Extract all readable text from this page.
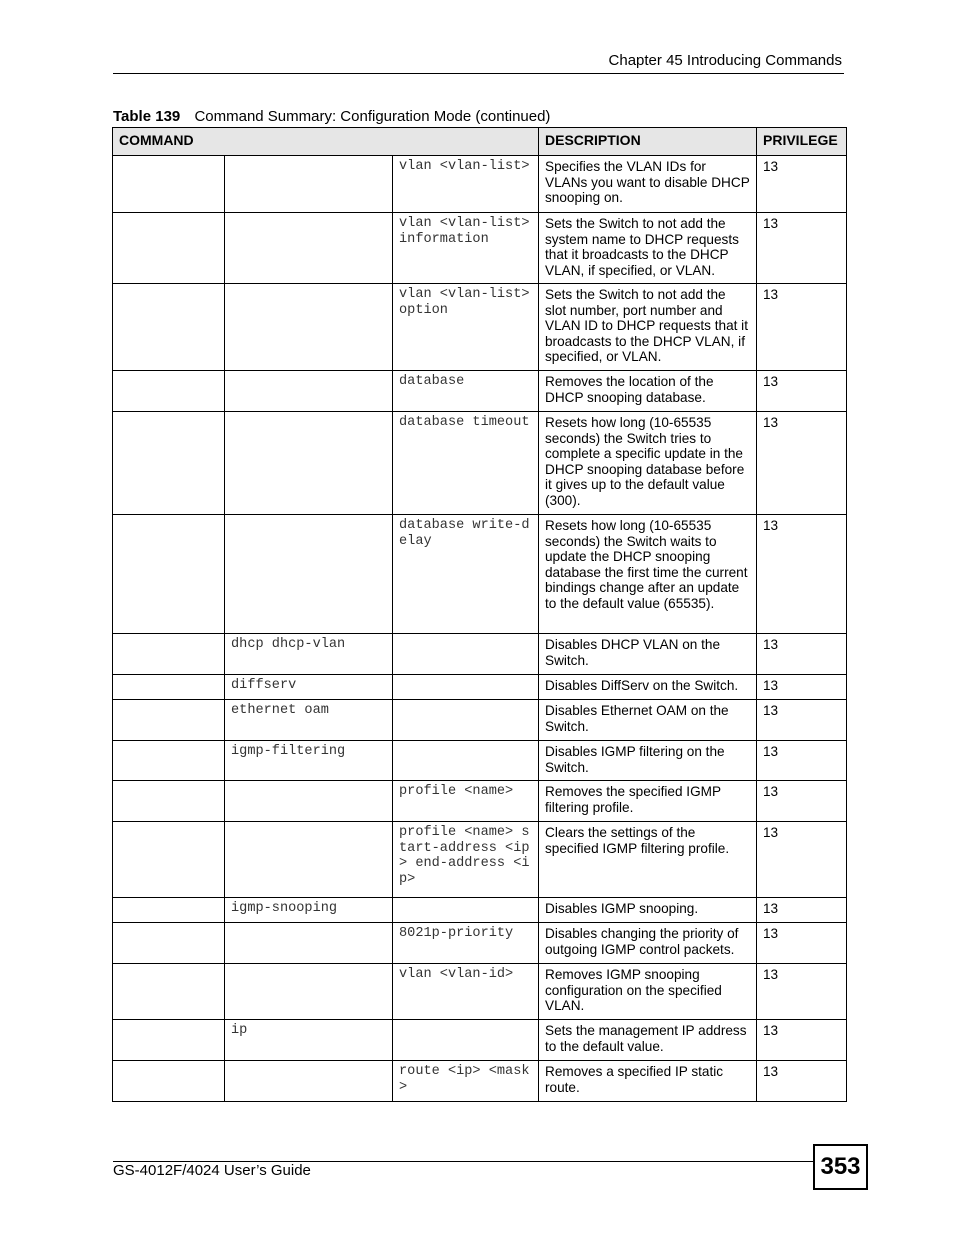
Chapter 45 Introducing Commands
Table 139 Command Summary: Configuration Mode (continued)
COMMAND			DESCRIPTION	PRIVILEGE
		vlan <vlan-list>	Specifies the VLAN IDs for VLANs you want to disable DHCP snooping on.	13
		vlan <vlan-list> information	Sets the Switch to not add the system name to DHCP requests that it broadcasts to the DHCP VLAN, if specified, or VLAN.	13
		vlan <vlan-list> option	Sets the Switch to not add the slot number, port number and VLAN ID to DHCP requests that it broadcasts to the DHCP VLAN, if specified, or VLAN.	13
		database	Removes the location of the DHCP snooping database.	13
		database timeout	Resets how long (10-65535 seconds) the Switch tries to complete a specific update in the DHCP snooping database before it gives up to the default value (300).	13
		database write-delay	Resets how long (10-65535 seconds) the Switch waits to update the DHCP snooping database the first time the current bindings change after an update to the default value (65535).	13
	dhcp dhcp-vlan		Disables DHCP VLAN on the Switch.	13
	diffserv		Disables DiffServ on the Switch.	13
	ethernet oam		Disables Ethernet OAM on the Switch.	13
	igmp-filtering		Disables IGMP filtering on the Switch.	13
		profile <name>	Removes the specified IGMP filtering profile.	13
		profile <name> start-address <ip> end-address <ip>	Clears the settings of the specified IGMP filtering profile.	13
	igmp-snooping		Disables IGMP snooping.	13
		8021p-priority	Disables changing the priority of outgoing IGMP control packets.	13
		vlan <vlan-id>	Removes IGMP snooping configuration on the specified VLAN.	13
	ip		Sets the management IP address to the default value.	13
		route <ip> <mask>	Removes a specified IP static route.	13
GS-4012F/4024 User’s Guide	353
